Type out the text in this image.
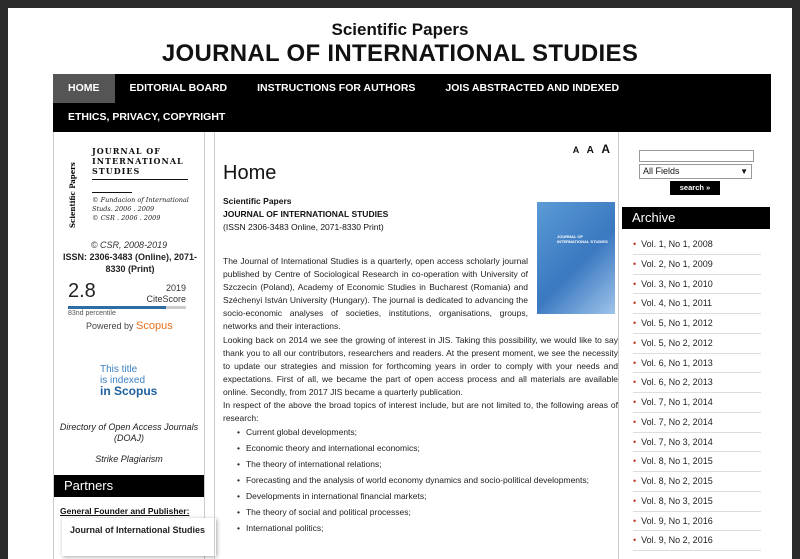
Scientific Papers
JOURNAL OF INTERNATIONAL STUDIES
HOME	EDITORIAL BOARD	INSTRUCTIONS FOR AUTHORS	JOIS ABSTRACTED AND INDEXED
ETHICS, PRIVACY, COPYRIGHT
Scientific Papers
JOURNAL OF
INTERNATIONAL
STUDIES
© Fundacion of International
Studs. 2006 . 2009
© CSR . 2006 . 2009
© CSR, 2008-2019
ISSN: 2306-3483 (Online), 2071-8330 (Print)
2.8	2019
CiteScore
83nd percentile
Powered by Scopus
This title
is indexed
in Scopus
Directory of Open Access Journals (DOAJ)
Strike Plagiarism
Partners
General Founder and Publisher:
Journal of International Studies
A A A
Home
Scientific Papers
JOURNAL OF INTERNATIONAL STUDIES
(ISSN 2306-3483 Online, 2071-8330 Print)
JOURNAL OF INTERNATIONAL STUDIES
The Journal of International Studies is a quarterly, open access scholarly journal published by Centre of Sociological Research in co-operation with University of Szczecin (Poland), Academy of Economic Studies in Bucharest (Romania) and Széchenyi István University (Hungary). The journal is dedicated to advancing the socio-economic analyses of societies, institutions, organisations, groups, networks and their interactions.
Looking back on 2014 we see the growing of interest in JIS. Taking this possibility, we would like to say thank you to all our contributors, researchers and readers. At the present moment, we see the necessity to update our strategies and mission for forthcoming years in order to comply with your needs and expectations. First of all, we became the part of open access process and all materials are available online. Secondly, from 2017 JIS became a quarterly publication.
In respect of the above the broad topics of interest include, but are not limited to, the following areas of research:
• Current global developments;
• Economic theory and international economics;
• The theory of international relations;
• Forecasting and the analysis of world economy dynamics and socio-political developments;
• Developments in international financial markets;
• The theory of social and political processes;
• International politics;
All Fields	▼
search »
Archive
• Vol. 1, No 1, 2008
• Vol. 2, No 1, 2009
• Vol. 3, No 1, 2010
• Vol. 4, No 1, 2011
• Vol. 5, No 1, 2012
• Vol. 5, No 2, 2012
• Vol. 6, No 1, 2013
• Vol. 6, No 2, 2013
• Vol. 7, No 1, 2014
• Vol. 7, No 2, 2014
• Vol. 7, No 3, 2014
• Vol. 8, No 1, 2015
• Vol. 8, No 2, 2015
• Vol. 8, No 3, 2015
• Vol. 9, No 1, 2016
• Vol. 9, No 2, 2016
